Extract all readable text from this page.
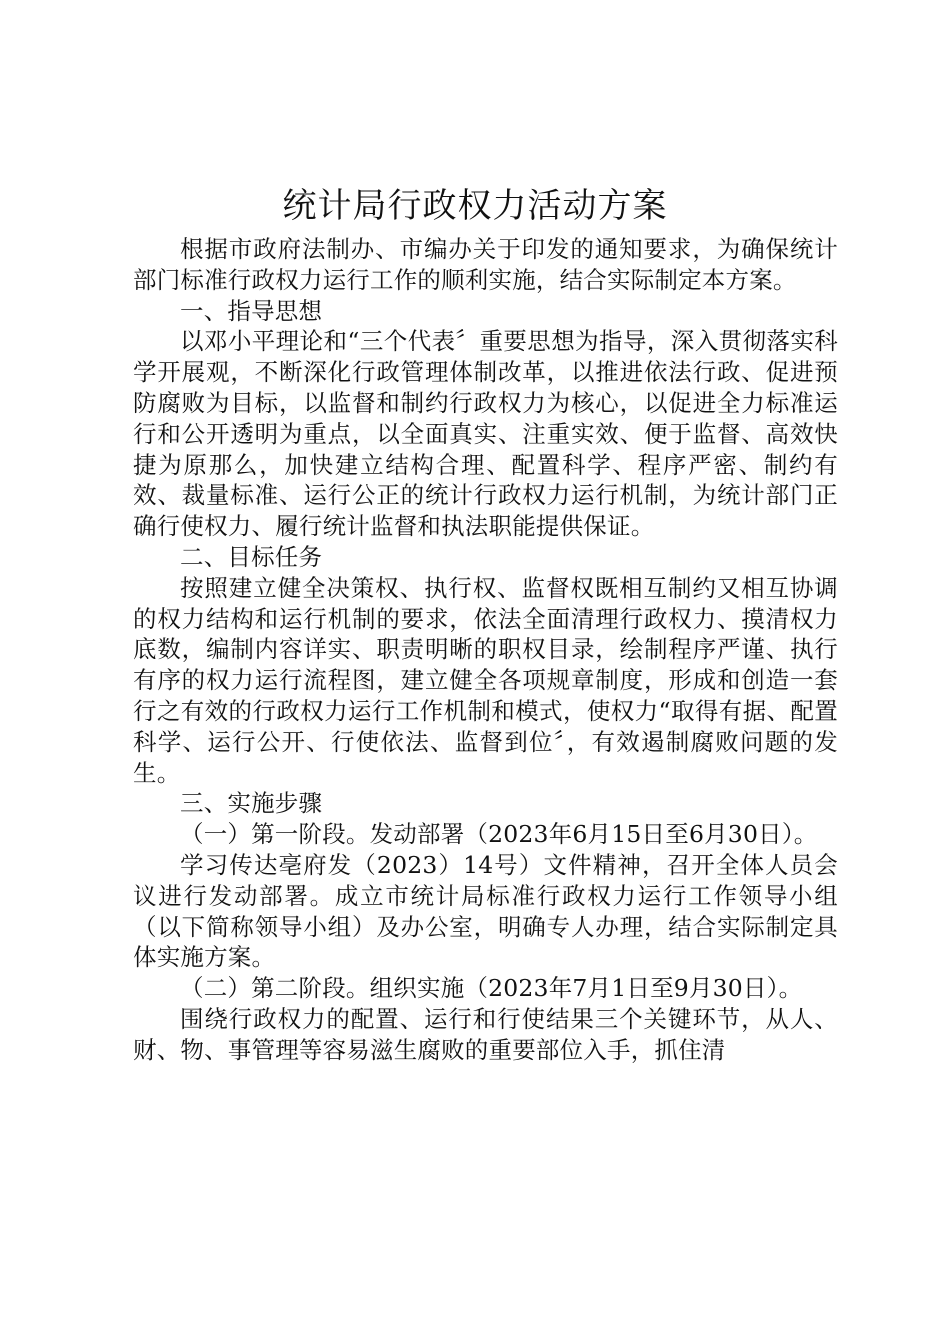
统计局行政权力活动方案

根据市政府法制办、市编办关于印发的通知要求，为确保统计部门标准行政权力运行工作的顺利实施，结合实际制定本方案。

一、指导思想

以邓小平理论和“三个代表〞重要思想为指导，深入贯彻落实科学开展观，不断深化行政管理体制改革，以推进依法行政、促进预防腐败为目标，以监督和制约行政权力为核心，以促进全力标准运行和公开透明为重点，以全面真实、注重实效、便于监督、高效快捷为原那么，加快建立结构合理、配置科学、程序严密、制约有效、裁量标准、运行公正的统计行政权力运行机制，为统计部门正确行使权力、履行统计监督和执法职能提供保证。

二、目标任务

按照建立健全决策权、执行权、监督权既相互制约又相互协调的权力结构和运行机制的要求，依法全面清理行政权力、摸清权力底数，编制内容详实、职责明晰的职权目录，绘制程序严谨、执行有序的权力运行流程图，建立健全各项规章制度，形成和创造一套行之有效的行政权力运行工作机制和模式，使权力“取得有据、配置科学、运行公开、行使依法、监督到位〞，有效遏制腐败问题的发生。

三、实施步骤

（一）第一阶段。发动部署（2023年6月15日至6月30日）。

学习传达亳府发（2023）14号）文件精神，召开全体人员会议进行发动部署。成立市统计局标准行政权力运行工作领导小组（以下简称领导小组）及办公室，明确专人办理，结合实际制定具体实施方案。

（二）第二阶段。组织实施（2023年7月1日至9月30日）。

围绕行政权力的配置、运行和行使结果三个关键环节，从人、财、物、事管理等容易滋生腐败的重要部位入手，抓住清
